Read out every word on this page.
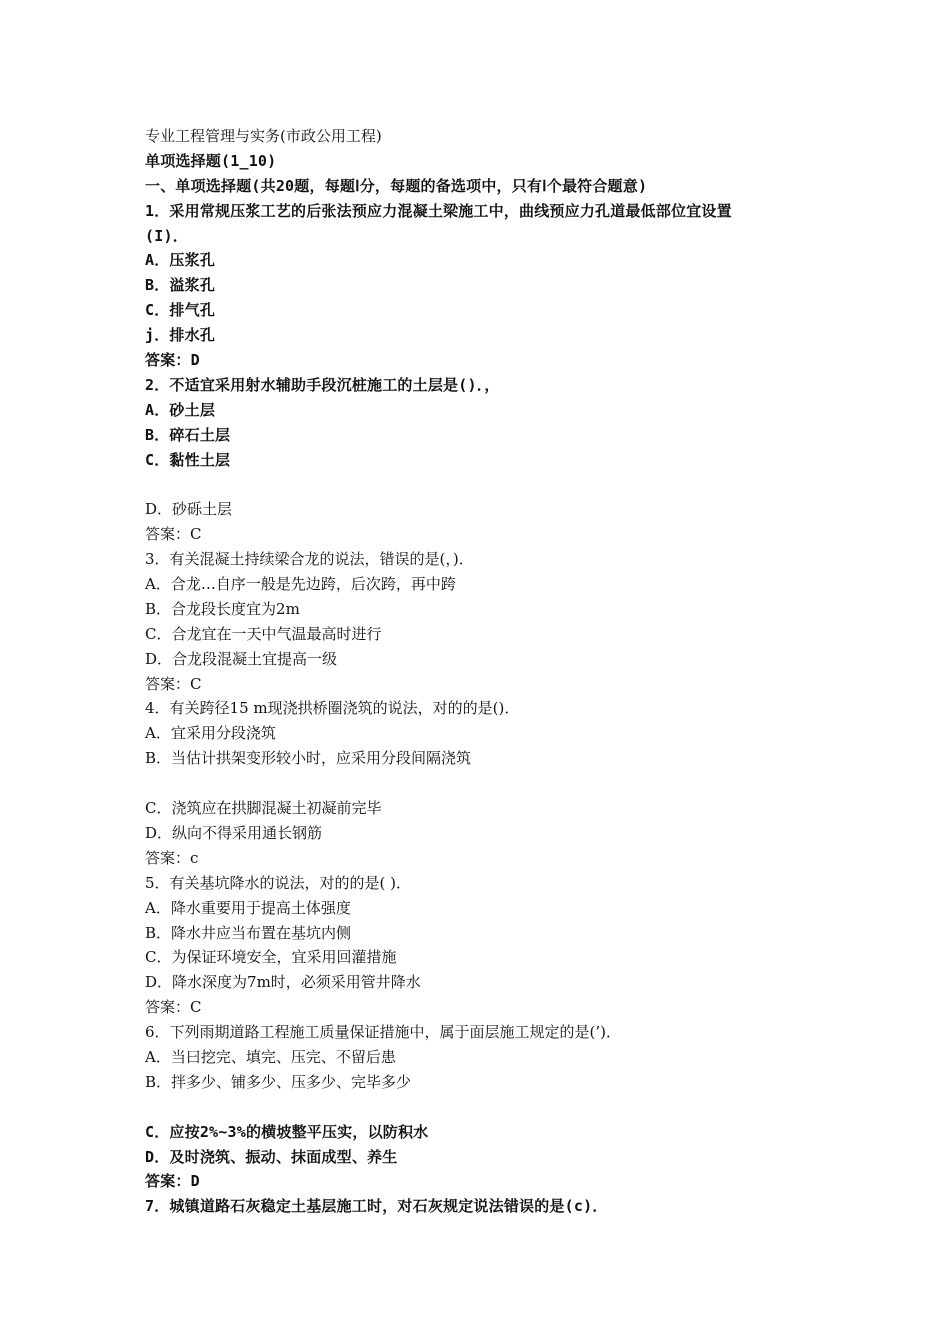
专业工程管理与实务(市政公用工程)

单项选择题(1_10)

一、单项选择题(共20题，每题Ⅰ分，每题的备选项中，只有Ⅰ个最符合题意)

1．采用常规压浆工艺的后张法预应力混凝土梁施工中，曲线预应力孔道最低部位宜设置

(I)．

A．压浆孔

B．溢浆孔

C．排气孔

j．排水孔

答案：D

2．不适宜采用射水辅助手段沉桩施工的土层是()．，

A．砂土层

B．碎石土层

C．黏性土层

D．砂砾土层

答案：C

3．有关混凝土持续梁合龙的说法，错误的是(，)．

A．合龙…自序一般是先边跨，后次跨，再中跨

B．合龙段长度宜为2m

C．合龙宜在一天中气温最高时进行

D．合龙段混凝土宜提高一级

答案：C

4．有关跨径15 m现浇拱桥圈浇筑的说法，对的的是()．

A．宜采用分段浇筑

B．当估计拱架变形较小时，应采用分段间隔浇筑

C．浇筑应在拱脚混凝土初凝前完毕

D．纵向不得采用通长钢筋

答案：c

5．有关基坑降水的说法，对的的是( )．

A．降水重要用于提高土体强度

B．降水井应当布置在基坑内侧

C．为保证环境安全，宜采用回灌措施

D．降水深度为7m时，必须采用管井降水

答案：C

6．下列雨期道路工程施工质量保证措施中，属于面层施工规定的是(’)．

A．当曰挖完、填完、压完、不留后患

B．拌多少、铺多少、压多少、完毕多少

C．应按2%~3%的横坡整平压实，以防积水

D．及时浇筑、振动、抹面成型、养生

答案：D

7．城镇道路石灰稳定土基层施工时，对石灰规定说法错误的是(c)．
